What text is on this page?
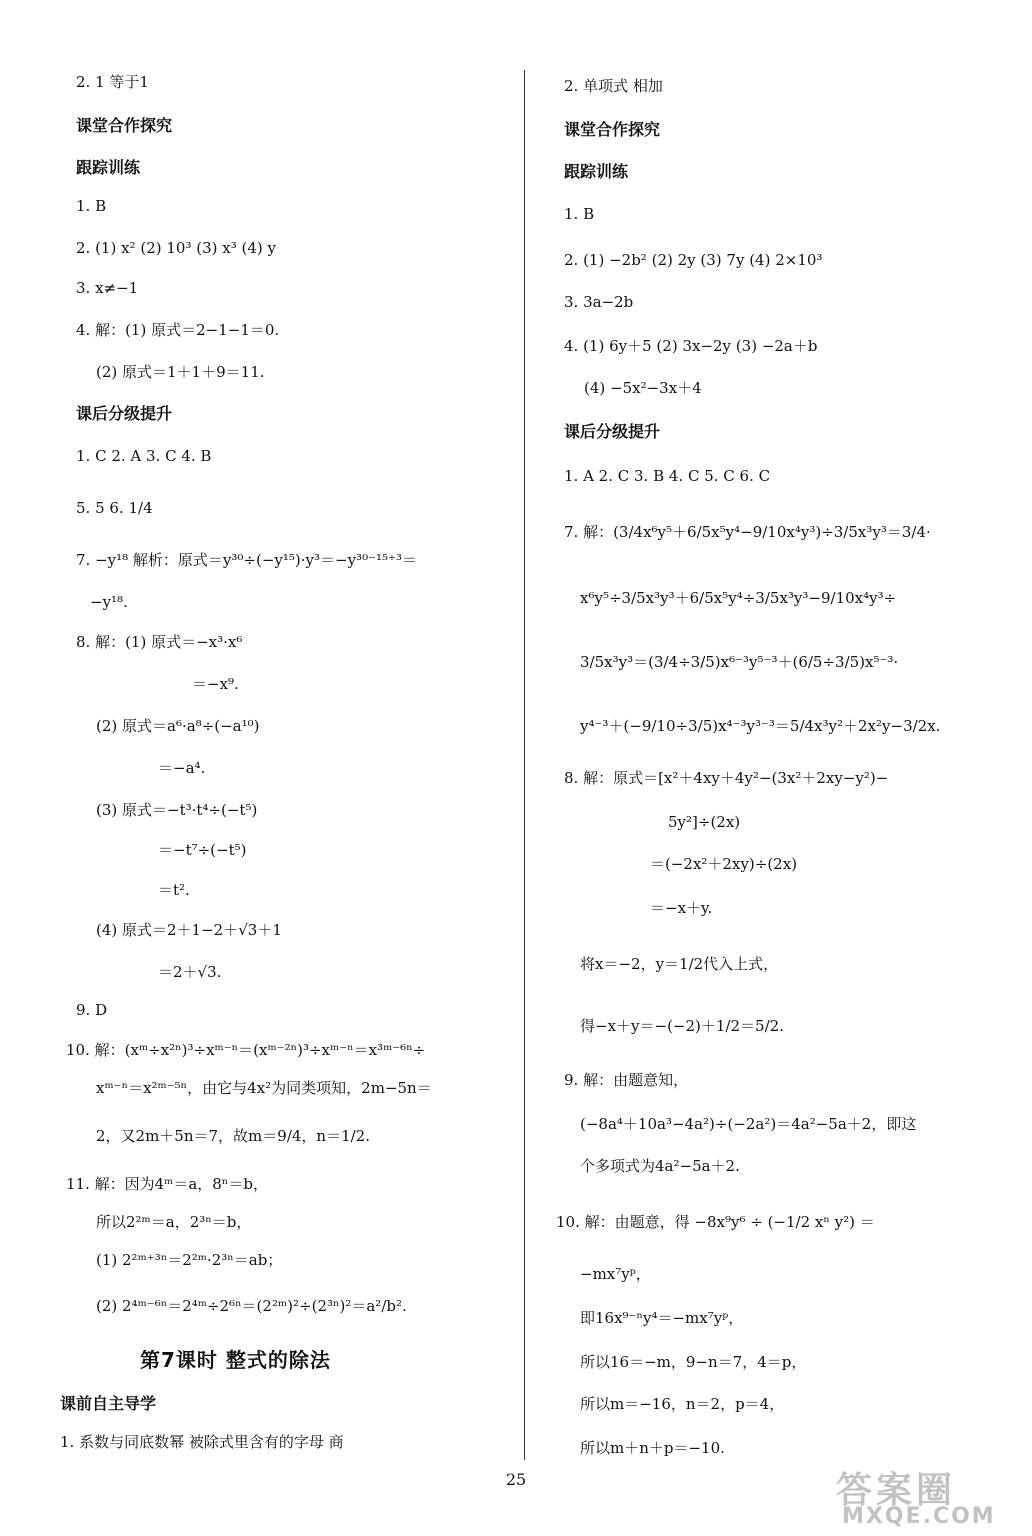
2. 1 等于1
课堂合作探究
跟踪训练
1. B
2. (1) x² (2) 10³ (3) x³ (4) y
3. x≠−1
4. 解：(1) 原式＝2−1−1＝0.
(2) 原式＝1＋1＋9＝11.
课后分级提升
1. C 2. A 3. C 4. B
5. 5 6. 1/4
7. −y¹⁸ 解析：原式＝y³⁰÷(−y¹⁵)·y³＝−y³⁰⁻¹⁵⁺³＝
−y¹⁸.
8. 解：(1) 原式＝−x³·x⁶
＝−x⁹.
(2) 原式＝a⁶·a⁸÷(−a¹⁰)
＝−a⁴.
(3) 原式＝−t³·t⁴÷(−t⁵)
＝−t⁷÷(−t⁵)
＝t².
(4) 原式＝2＋1−2＋√3＋1
＝2＋√3.
9. D
10. 解：(xᵐ÷x²ⁿ)³÷xᵐ⁻ⁿ＝(xᵐ⁻²ⁿ)³÷xᵐ⁻ⁿ＝x³ᵐ⁻⁶ⁿ÷
xᵐ⁻ⁿ＝x²ᵐ⁻⁵ⁿ，由它与4x²为同类项知，2m−5n＝
2，又2m＋5n＝7，故m＝9/4，n＝1/2.
11. 解：因为4ᵐ＝a，8ⁿ＝b，
所以2²ᵐ＝a，2³ⁿ＝b，
(1) 2²ᵐ⁺³ⁿ＝2²ᵐ·2³ⁿ＝ab；
(2) 2⁴ᵐ⁻⁶ⁿ＝2⁴ᵐ÷2⁶ⁿ＝(2²ᵐ)²÷(2³ⁿ)²＝a²/b².
第7课时 整式的除法
课前自主导学
1. 系数与同底数幂 被除式里含有的字母 商
2. 单项式 相加
课堂合作探究
跟踪训练
1. B
2. (1) −2b² (2) 2y (3) 7y (4) 2×10³
3. 3a−2b
4. (1) 6y＋5 (2) 3x−2y (3) −2a＋b
(4) −5x²−3x＋4
课后分级提升
1. A 2. C 3. B 4. C 5. C 6. C
7. 解：(3/4x⁶y⁵＋6/5x⁵y⁴−9/10x⁴y³)÷3/5x³y³＝3/4·
x⁶y⁵÷3/5x³y³＋6/5x⁵y⁴÷3/5x³y³−9/10x⁴y³÷
3/5x³y³＝(3/4÷3/5)x⁶⁻³y⁵⁻³＋(6/5÷3/5)x⁵⁻³·
y⁴⁻³＋(−9/10÷3/5)x⁴⁻³y³⁻³＝5/4x³y²＋2x²y−3/2x.
8. 解：原式＝[x²＋4xy＋4y²−(3x²＋2xy−y²)−
5y²]÷(2x)
＝(−2x²＋2xy)÷(2x)
＝−x＋y.
将x＝−2，y＝1/2代入上式，
得−x＋y＝−(−2)＋1/2＝5/2.
9. 解：由题意知，
(−8a⁴＋10a³−4a²)÷(−2a²)＝4a²−5a＋2，即这
个多项式为4a²−5a＋2.
10. 解：由题意，得 −8x⁹y⁶ ÷ (−1/2 xⁿ y²) ＝
−mx⁷yᵖ，
即16x⁹⁻ⁿy⁴＝−mx⁷yᵖ，
所以16＝−m，9−n＝7，4＝p，
所以m＝−16，n＝2，p＝4，
所以m＋n＋p＝−10.
25	答案圈
MXQE.COM
